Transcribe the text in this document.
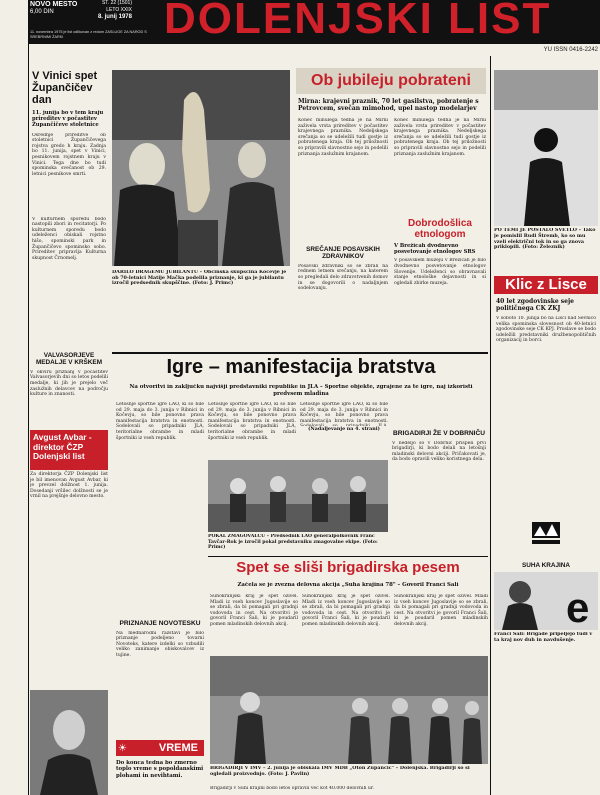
NOVO MESTO
6,00 DIN
ŠT. 22 (1501)
LETO XXIX
8. junij 1978
11. novembra 1975 je list odlikovan z redom ZASLUGE ZA NAROD S SREBRNIMI ŽARKI	DOLENJSKI LIST
YU ISSN 0416-2242
V Vinici spet Župančičev dan
11. junija bo v tem kraju prireditev v počastitev Župančičeve stoletnice
Osrednje prireditve ob stoletnici Župančičevega rojstva gredo h kraju. Zadnja bo 11. junija, spet v Vinici, pesnikovem rojstnem kraju v Vinici. Tega dne bo tudi spominska svečanost ob 29. letnici pesnikove smrti.
V kulturnem sporedu bodo nastopili zbori in recitatorji. Po kulturnem sporedu bodo udeleženci obiskali rojstno hišo, spominski park in Župančičevo spominsko sobo. Prireditev pripravlja Kulturna skupnost Črnomelj.
VALVASORJEVE MEDALJE V KRŠKEM
V okviru priznanj v počastitev Valvasorjevih dni so letos podelili medalje, ki jih je prejelo več zaslužnih delavcev na področju kulture in znanosti.
Avgust Avbar - direktor ČZP Dolenjski list
Za direktorja ČZP Dolenjski list je bil imenovan Avgust Avbar, ki je prevzel dolžnost 1. junija. Dosedanji vršilec dolžnosti se je vrnil na prejšnje delovno mesto.
DARILO DRAGEMU JUBILANTU – Občinska skupščina Kočevje je ob 70-letnici Matije Mačka podelila priznanje, ki ga je jubilantu izročil predsednik skupščine. (Foto: J. Primc)
Ob jubileju pobrateni
Mirna: krajevni praznik, 70 let gasilstva, pobratenje s Petrovcem, svečan mimohod, upel nastop modelarjev
Konec minulega tedna je na Mirni zaživela vrsta prireditev v počastitev krajevnega praznika. Nedeljskega srečanja so se udeležili tudi gostje iz pobratenega kraja. Ob tej priložnosti so pripravili slavnostno sejo in podelili priznanja zaslužnim krajanom.
Konec minulega tedna je na Mirni zaživela vrsta prireditev v počastitev krajevnega praznika. Nedeljskega srečanja so se udeležili tudi gostje iz pobratenega kraja. Ob tej priložnosti so pripravili slavnostno sejo in podelili priznanja zaslužnim krajanom.
SREČANJE POSAVSKIH ZDRAVNIKOV
Posavski zdravniki so se zbrali na rednem letnem srečanju, na katerem so pregledali delo zdravstvenih domov in se dogovorili o nadaljnjem sodelovanju.
Dobrodošlica etnologom
V Brežicah dvodnevno posvetovanje etnologov SRS
V posavskem muzeju v Brežicah je bilo dvodnevno posvetovanje etnologov Slovenije. Udeleženci so obravnavali stanje etnološke dejavnosti in si ogledali zbirke muzeja.
Igre – manifestacija bratstva
Na otvoritvi in zaključku najvišji predstavniki republike in JLA – Športne objekte, zgrajene za te igre, naj izkoristi predvsem mladina
Letošnje športne igre LAO, ki so bile od 29. maja do 3. junija v Ribnici in Kočevju, so bile ponovno prava manifestacija bratstva in enotnosti. Sodelovali so pripadniki JLA, teritorialne obrambe in mladi športniki iz vseh republik.
Letošnje športne igre LAO, ki so bile od 29. maja do 3. junija v Ribnici in Kočevju, so bile ponovno prava manifestacija bratstva in enotnosti. Sodelovali so pripadniki JLA, teritorialne obrambe in mladi športniki iz vseh republik.
Letošnje športne igre LAO, ki so bile od 29. maja do 3. junija v Ribnici in Kočevju, so bile ponovno prava manifestacija bratstva in enotnosti.
(Nadaljevanje na 4. strani)
POKAL ZMAGOVALCU – Predsednik LAO generalpolkovnik Franc Tavčar-Rok je izročil pokal predstavniku zmagovalne ekipe. (Foto: Primc)
BRIGADIRJI ŽE V DOBRNIČU
V nedeljo so v Dobrnič prispeli prvi brigadirji, ki bodo delali na letošnji mladinski delovni akciji. Pričakovati je, da bodo opravili veliko koristnega dela.
PRIZNANJE NOVOTESKU
Na mednarodni razstavi je bilo priznanje podeljeno tovarni Novoteks, katere izdelki so vzbudili veliko zanimanje obiskovalcev iz tujine.
VREME
☀
Do konca tedna bo zmerno toplo vreme s popoldanskimi plohami in nevihtami.
Spet se sliši brigadirska pesem
Začela se je zvezna delovna akcija „Suha krajina 78" – Govoril Franci Šali
Suhokranjski kraj je spet oživel. Mladi iz vseh koncev Jugoslavije so se zbrali, da bi pomagali pri gradnji vodovoda in cest. Na otvoritvi je govoril Franci Šali, ki je poudaril pomen mladinskih delovnih akcij.
Suhokranjski kraj je spet oživel. Mladi iz vseh koncev Jugoslavije so se zbrali, da bi pomagali pri gradnji vodovoda in cest. Na otvoritvi je govoril Franci Šali, ki je poudaril pomen mladinskih delovnih akcij.
Suhokranjski kraj je spet oživel. Mladi iz vseh koncev Jugoslavije so se zbrali, da bi pomagali pri gradnji vodovoda in cest. Na otvoritvi je govoril Franci Šali, ki je poudaril pomen mladinskih delovnih akcij.
BRIGADIRJI V IMV – 2. junija je obiskala IMV MDB „Oton Župančič" – Dolenjska. Brigadirji so si ogledali proizvodnjo. (Foto: J. Pavlin)
Brigadirji v Suhi krajini bodo letos opravili več kot 40.000 delovnih ur.
PO TEMI JE POSTALO SVETLO – Tako je pomislil Rudi Štremb, ko so mu vzeli električni tok in so ga znova priklopili. (Foto: Železnik)
Klic z Lisce
40 let zgodovinske seje političnega CK ZKJ
V soboto 10. junija bo na Lisci nad Sevnico velika spominska slovesnost ob 40-letnici zgodovinske seje CK KPJ. Proslave se bodo udeležili predstavniki družbenopolitičnih organizacij in borci.
SUHA KRAJINA
e
Franci Šali: Brigade pripeljejo tudi v ta kraj nov duh in navdušenje.
